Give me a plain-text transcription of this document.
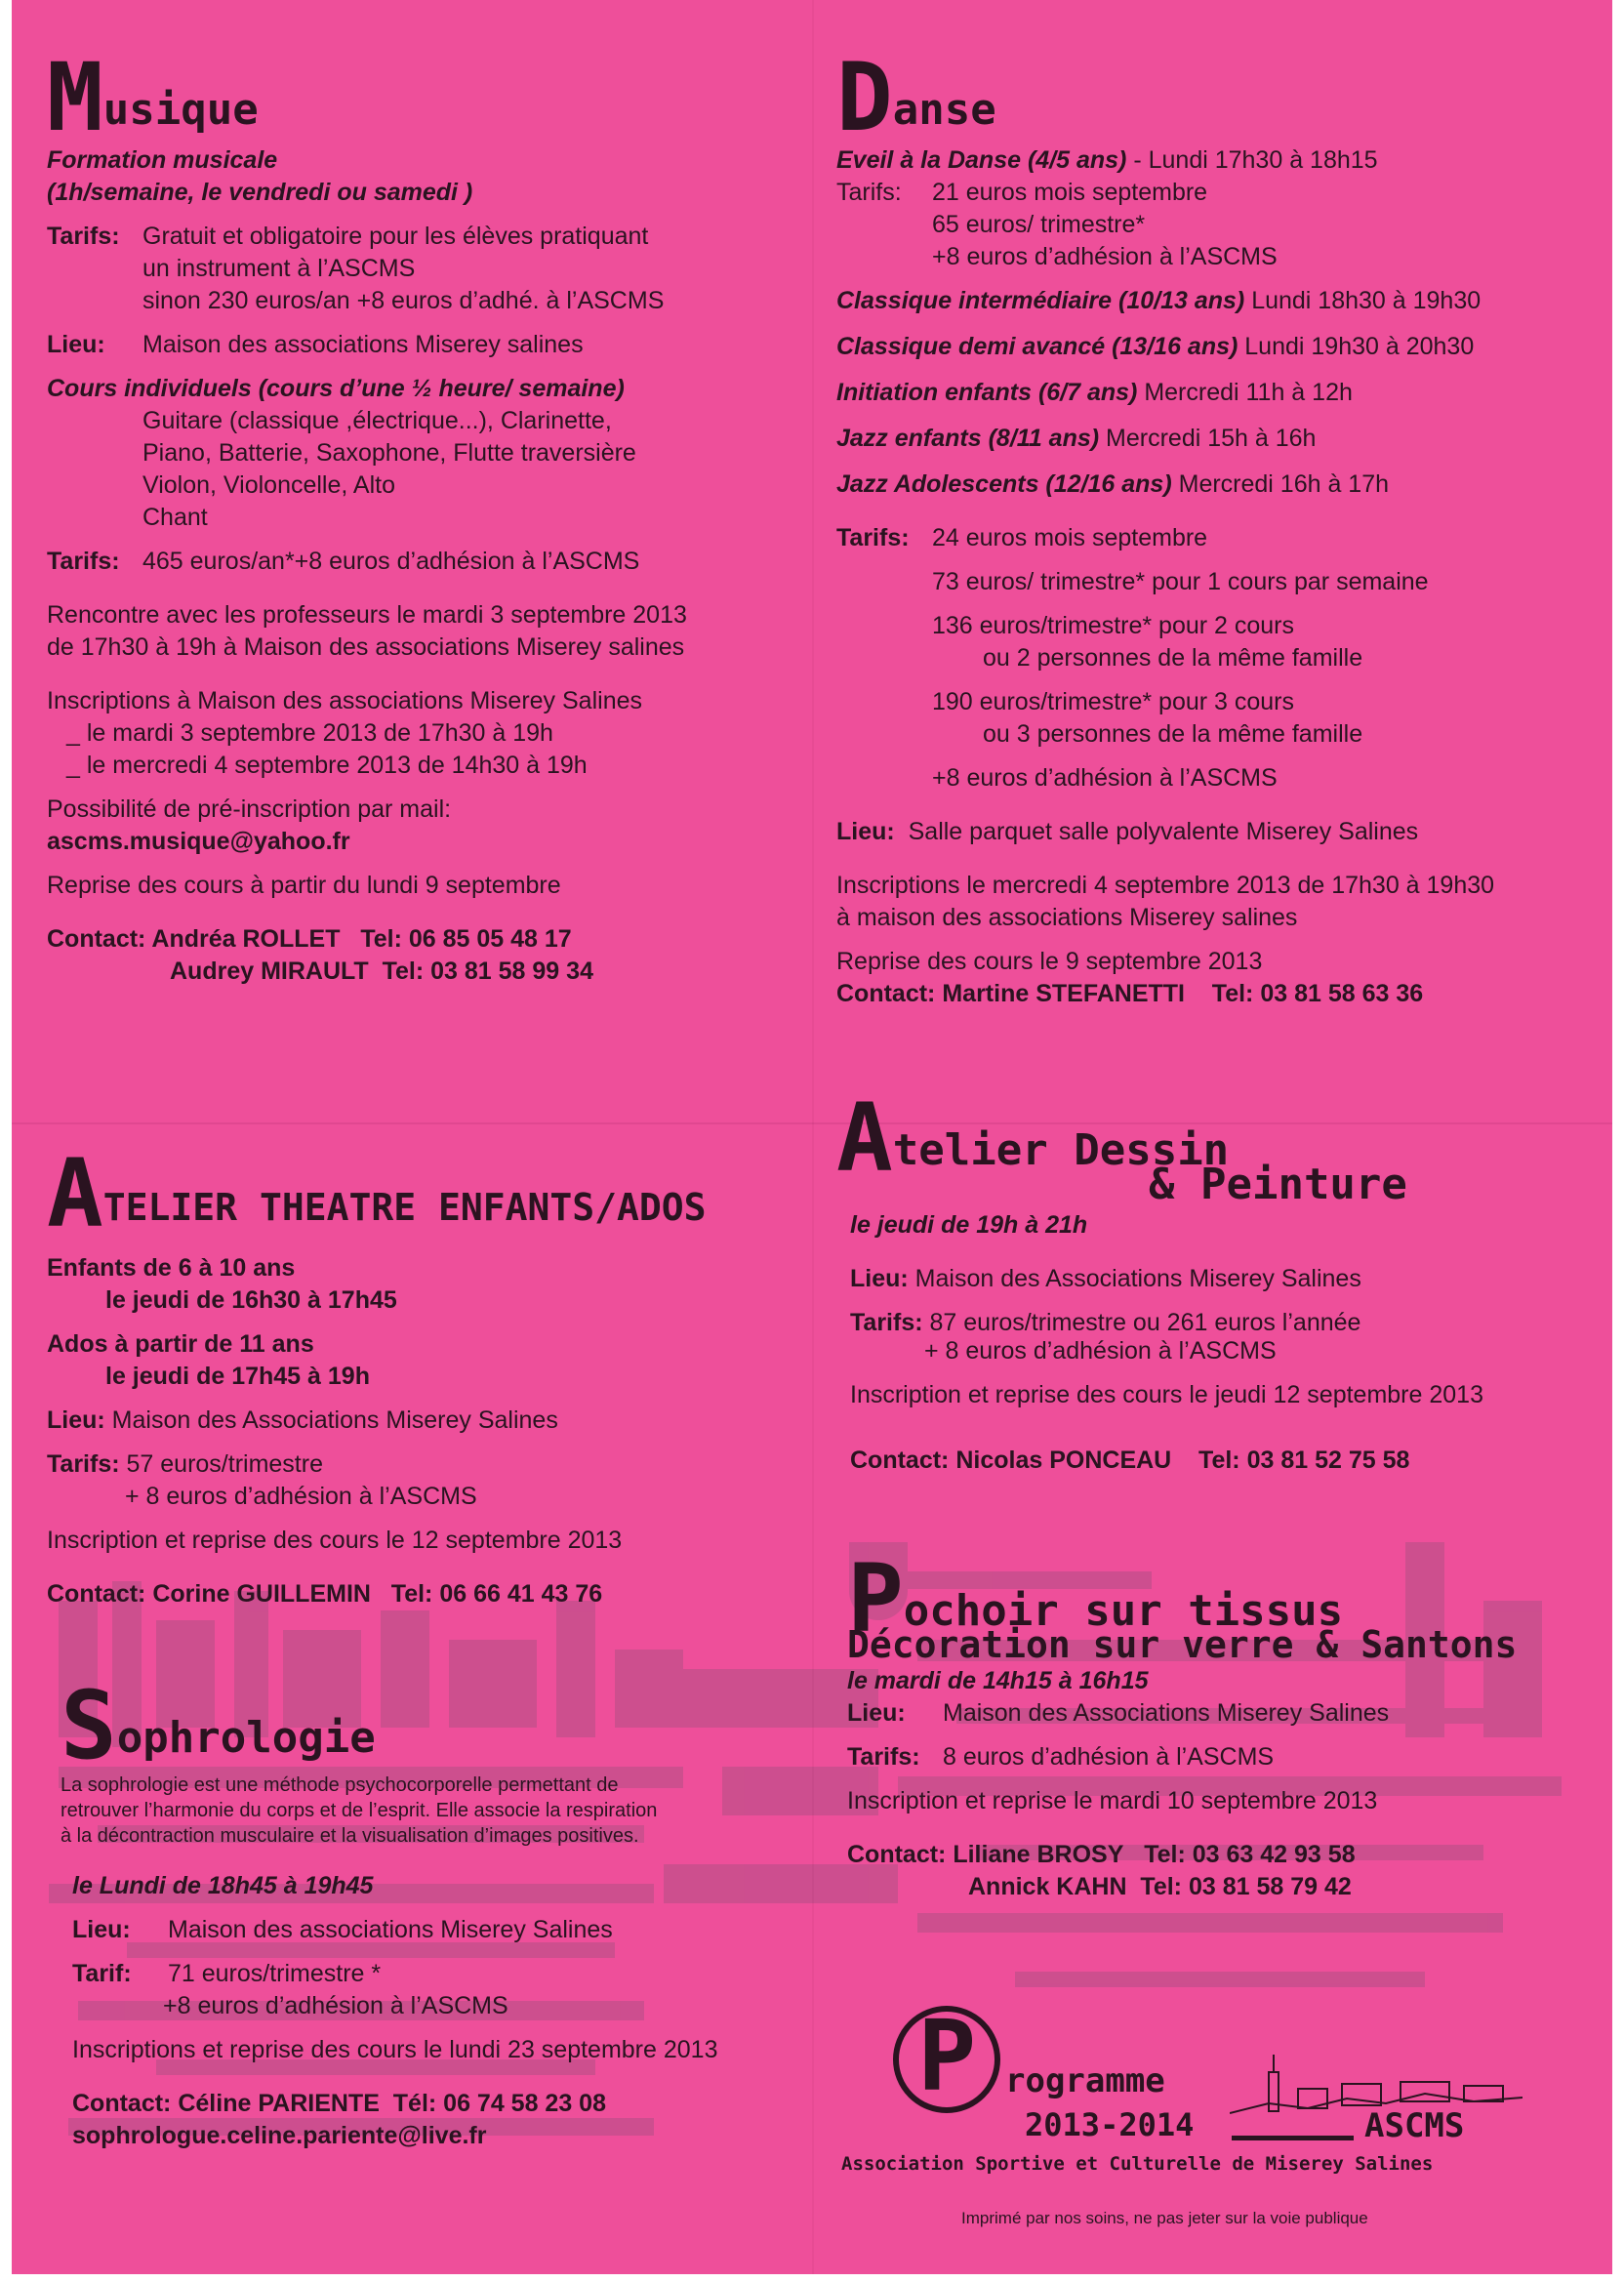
Musique
Formation musicale
(1h/semaine, le vendredi ou samedi )
Tarifs: Gratuit et obligatoire pour les élèves pratiquant
un instrument à l’ASCMS
sinon 230 euros/an +8 euros d’adhé. à l’ASCMS
Lieu: Maison des associations Miserey salines
Cours individuels (cours d’une ½ heure/ semaine)
Guitare (classique ,électrique...), Clarinette,
Piano, Batterie, Saxophone, Flutte traversière
Violon, Violoncelle, Alto
Chant
Tarifs: 465 euros/an*+8 euros d’adhésion à l’ASCMS
Rencontre avec les professeurs le mardi 3 septembre 2013
de 17h30 à 19h à Maison des associations Miserey salines
Inscriptions à Maison des associations Miserey Salines
_ le mardi 3 septembre 2013 de 17h30 à 19h
_ le mercredi 4 septembre 2013 de 14h30 à 19h
Possibilité de pré-inscription par mail:
ascms.musique@yahoo.fr
Reprise des cours à partir du lundi 9 septembre
Contact: Andréa ROLLET Tel: 06 85 05 48 17
Audrey MIRAULT Tel: 03 81 58 99 34
Danse
Eveil à la Danse (4/5 ans) - Lundi 17h30 à 18h15
Tarifs: 21 euros mois septembre
65 euros/ trimestre*
+8 euros d’adhésion à l’ASCMS
Classique intermédiaire (10/13 ans) Lundi 18h30 à 19h30
Classique demi avancé (13/16 ans) Lundi 19h30 à 20h30
Initiation enfants (6/7 ans) Mercredi 11h à 12h
Jazz enfants (8/11 ans) Mercredi 15h à 16h
Jazz Adolescents (12/16 ans) Mercredi 16h à 17h
Tarifs: 24 euros mois septembre
73 euros/ trimestre* pour 1 cours par semaine
136 euros/trimestre* pour 2 cours
ou 2 personnes de la même famille
190 euros/trimestre* pour 3 cours
ou 3 personnes de la même famille
+8 euros d’adhésion à l’ASCMS
Lieu: Salle parquet salle polyvalente Miserey Salines
Inscriptions le mercredi 4 septembre 2013 de 17h30 à 19h30
à maison des associations Miserey salines
Reprise des cours le 9 septembre 2013
Contact: Martine STEFANETTI Tel: 03 81 58 63 36
ATELIER THEATRE ENFANTS/ADOS
Enfants de 6 à 10 ans
le jeudi de 16h30 à 17h45
Ados à partir de 11 ans
le jeudi de 17h45 à 19h
Lieu: Maison des Associations Miserey Salines
Tarifs: 57 euros/trimestre
+ 8 euros d’adhésion à l’ASCMS
Inscription et reprise des cours le 12 septembre 2013
Contact: Corine GUILLEMIN Tel: 06 66 41 43 76
Atelier Dessin
& Peinture
le jeudi de 19h à 21h
Lieu: Maison des Associations Miserey Salines
Tarifs: 87 euros/trimestre ou 261 euros l’année
+ 8 euros d’adhésion à l’ASCMS
Inscription et reprise des cours le jeudi 12 septembre 2013
Contact: Nicolas PONCEAU Tel: 03 81 52 75 58
Sophrologie
La sophrologie est une méthode psychocorporelle permettant de
retrouver l’harmonie du corps et de l’esprit. Elle associe la respiration
à la décontraction musculaire et la visualisation d’images positives.
le Lundi de 18h45 à 19h45
Lieu: Maison des associations Miserey Salines
Tarif: 71 euros/trimestre *
+8 euros d’adhésion à l’ASCMS
Inscriptions et reprise des cours le lundi 23 septembre 2013
Contact: Céline PARIENTE Tél: 06 74 58 23 08
sophrologue.celine.pariente@live.fr
Pochoir sur tissus
Décoration sur verre & Santons
le mardi de 14h15 à 16h15
Lieu: Maison des Associations Miserey Salines
Tarifs: 8 euros d’adhésion à l’ASCMS
Inscription et reprise le mardi 10 septembre 2013
Contact: Liliane BROSY Tel: 03 63 42 93 58
Annick KAHN Tel: 03 81 58 79 42
P rogramme
2013-2014	ASCMS
Association Sportive et Culturelle de Miserey Salines
Imprimé par nos soins, ne pas jeter sur la voie publique
